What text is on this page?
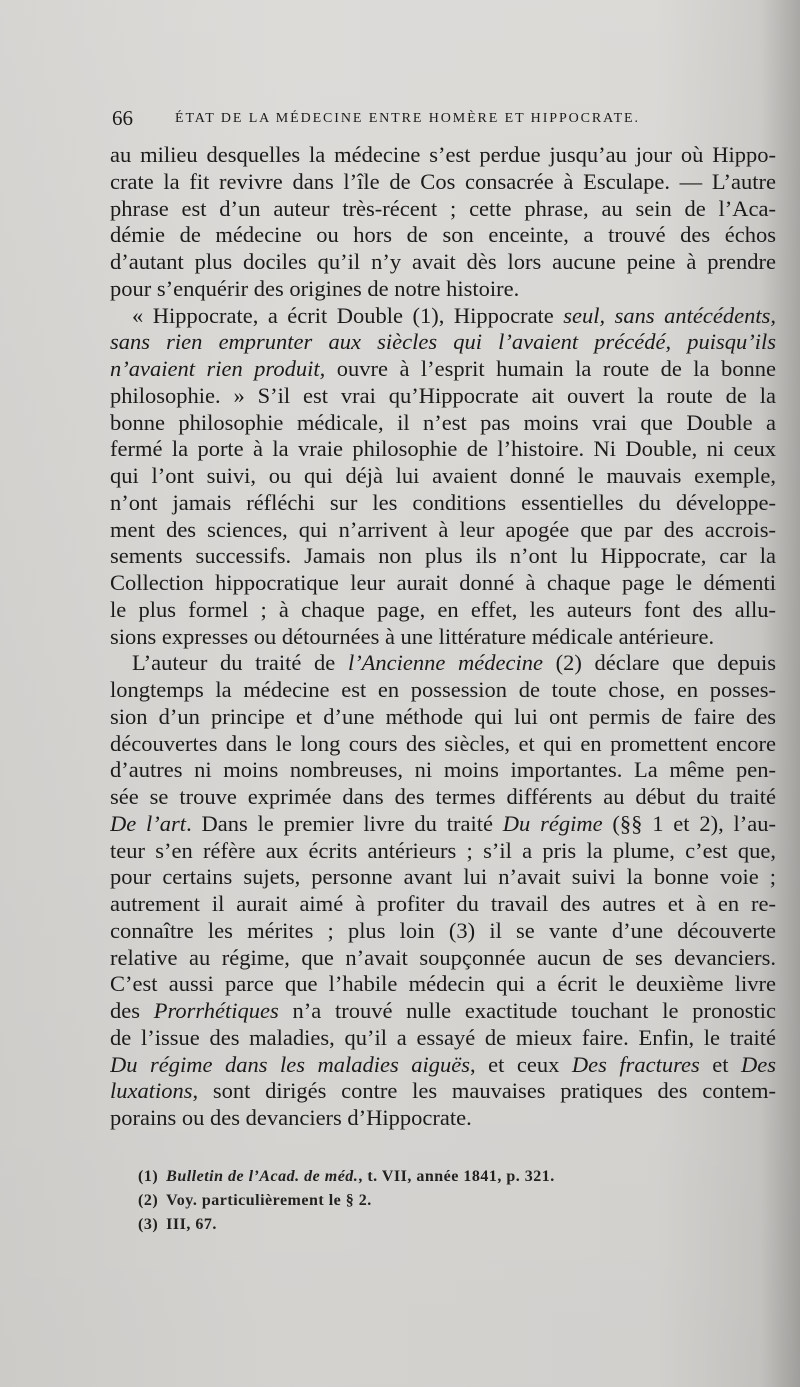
66	ÉTAT DE LA MÉDECINE ENTRE HOMÈRE ET HIPPOCRATE.
au milieu desquelles la médecine s’est perdue jusqu’au jour où Hippo-
crate la fit revivre dans l’île de Cos consacrée à Esculape. — L’autre
phrase est d’un auteur très-récent ; cette phrase, au sein de l’Aca-
démie de médecine ou hors de son enceinte, a trouvé des échos
d’autant plus dociles qu’il n’y avait dès lors aucune peine à prendre
pour s’enquérir des origines de notre histoire.
« Hippocrate, a écrit Double (1), Hippocrate seul, sans antécédents,
sans rien emprunter aux siècles qui l’avaient précédé, puisqu’ils
n’avaient rien produit, ouvre à l’esprit humain la route de la bonne
philosophie. » S’il est vrai qu’Hippocrate ait ouvert la route de la
bonne philosophie médicale, il n’est pas moins vrai que Double a
fermé la porte à la vraie philosophie de l’histoire. Ni Double, ni ceux
qui l’ont suivi, ou qui déjà lui avaient donné le mauvais exemple,
n’ont jamais réfléchi sur les conditions essentielles du développe-
ment des sciences, qui n’arrivent à leur apogée que par des accrois-
sements successifs. Jamais non plus ils n’ont lu Hippocrate, car la
Collection hippocratique leur aurait donné à chaque page le démenti
le plus formel ; à chaque page, en effet, les auteurs font des allu-
sions expresses ou détournées à une littérature médicale antérieure.
L’auteur du traité de l’Ancienne médecine (2) déclare que depuis
longtemps la médecine est en possession de toute chose, en posses-
sion d’un principe et d’une méthode qui lui ont permis de faire des
découvertes dans le long cours des siècles, et qui en promettent encore
d’autres ni moins nombreuses, ni moins importantes. La même pen-
sée se trouve exprimée dans des termes différents au début du traité
De l’art. Dans le premier livre du traité Du régime (§§ 1 et 2), l’au-
teur s’en réfère aux écrits antérieurs ; s’il a pris la plume, c’est que,
pour certains sujets, personne avant lui n’avait suivi la bonne voie ;
autrement il aurait aimé à profiter du travail des autres et à en re-
connaître les mérites ; plus loin (3) il se vante d’une découverte
relative au régime, que n’avait soupçonnée aucun de ses devanciers.
C’est aussi parce que l’habile médecin qui a écrit le deuxième livre
des Prorrhétiques n’a trouvé nulle exactitude touchant le pronostic
de l’issue des maladies, qu’il a essayé de mieux faire. Enfin, le traité
Du régime dans les maladies aiguës, et ceux Des fractures et Des
luxations, sont dirigés contre les mauvaises pratiques des contem-
porains ou des devanciers d’Hippocrate.
(1) Bulletin de l’Acad. de méd., t. VII, année 1841, p. 321.
(2) Voy. particulièrement le § 2.
(3) III, 67.
